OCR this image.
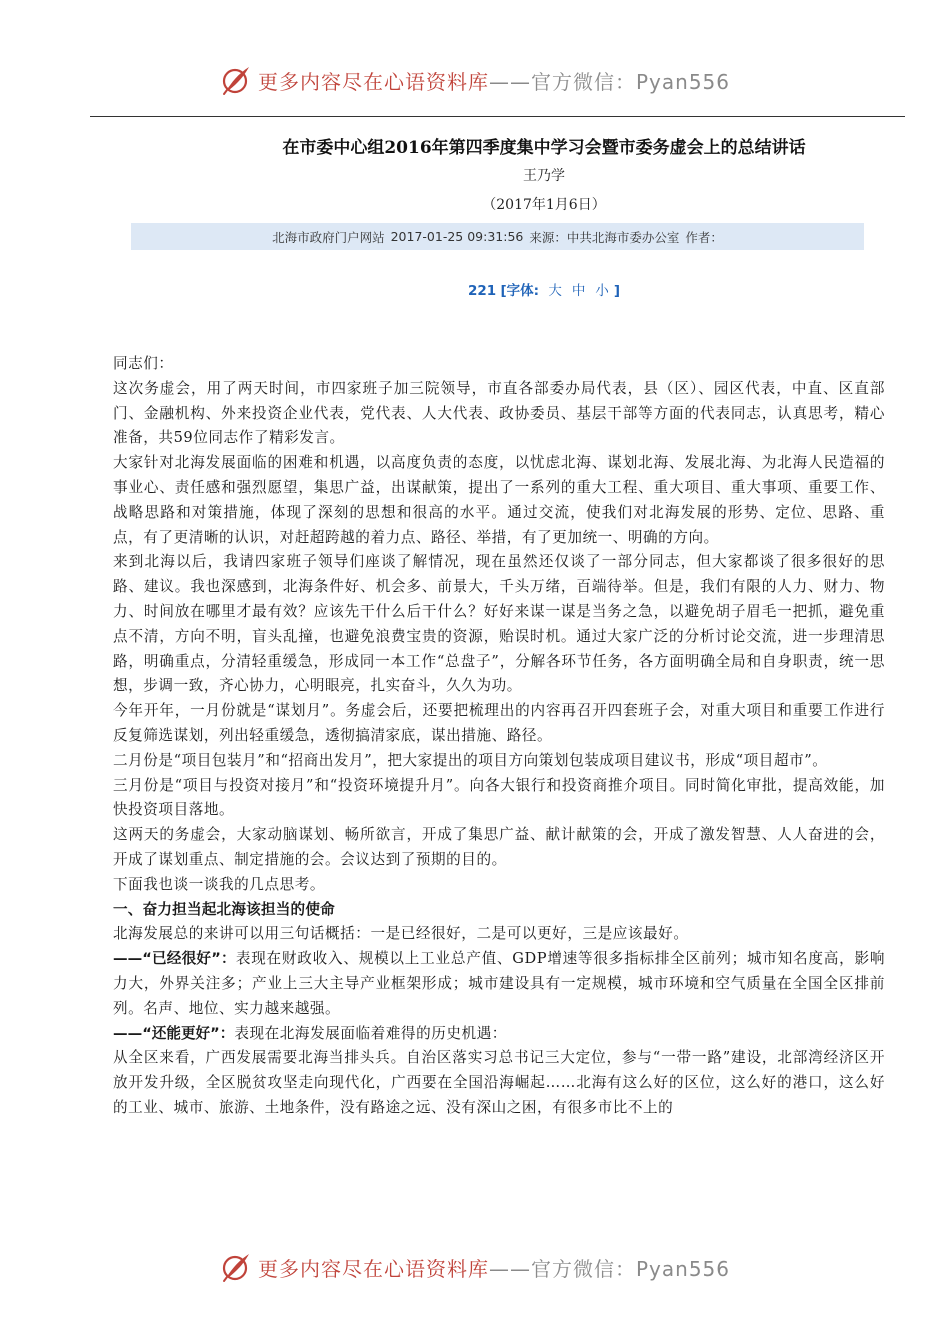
更多内容尽在心语资料库——官方微信：Pyan556
在市委中心组2016年第四季度集中学习会暨市委务虚会上的总结讲话
王乃学
（2017年1月6日）
北海市政府门户网站 2017-01-25 09:31:56 来源：中共北海市委办公室 作者：
221 [字体: 大 中 小 ]

同志们：

这次务虚会，用了两天时间，市四家班子加三院领导，市直各部委办局代表，县（区）、园区代表，中直、区直部门、金融机构、外来投资企业代表，党代表、人大代表、政协委员、基层干部等方面的代表同志，认真思考，精心准备，共59位同志作了精彩发言。

大家针对北海发展面临的困难和机遇，以高度负责的态度，以忧虑北海、谋划北海、发展北海、为北海人民造福的事业心、责任感和强烈愿望，集思广益，出谋献策，提出了一系列的重大工程、重大项目、重大事项、重要工作、战略思路和对策措施，体现了深刻的思想和很高的水平。通过交流，使我们对北海发展的形势、定位、思路、重点，有了更清晰的认识，对赶超跨越的着力点、路径、举措，有了更加统一、明确的方向。

来到北海以后，我请四家班子领导们座谈了解情况，现在虽然还仅谈了一部分同志，但大家都谈了很多很好的思路、建议。我也深感到，北海条件好、机会多、前景大，千头万绪，百端待举。但是，我们有限的人力、财力、物力、时间放在哪里才最有效？应该先干什么后干什么？好好来谋一谋是当务之急，以避免胡子眉毛一把抓，避免重点不清，方向不明，盲头乱撞，也避免浪费宝贵的资源，贻误时机。通过大家广泛的分析讨论交流，进一步理清思路，明确重点，分清轻重缓急，形成同一本工作“总盘子”，分解各环节任务，各方面明确全局和自身职责，统一思想，步调一致，齐心协力，心明眼亮，扎实奋斗，久久为功。

今年开年，一月份就是“谋划月”。务虚会后，还要把梳理出的内容再召开四套班子会，对重大项目和重要工作进行反复筛选谋划，列出轻重缓急，透彻搞清家底，谋出措施、路径。

二月份是“项目包装月”和“招商出发月”，把大家提出的项目方向策划包装成项目建议书，形成“项目超市”。

三月份是“项目与投资对接月”和“投资环境提升月”。向各大银行和投资商推介项目。同时简化审批，提高效能，加快投资项目落地。

这两天的务虚会，大家动脑谋划、畅所欲言，开成了集思广益、献计献策的会，开成了激发智慧、人人奋进的会，开成了谋划重点、制定措施的会。会议达到了预期的目的。

下面我也谈一谈我的几点思考。

一、奋力担当起北海该担当的使命

北海发展总的来讲可以用三句话概括：一是已经很好，二是可以更好，三是应该最好。

——“已经很好”：表现在财政收入、规模以上工业总产值、GDP增速等很多指标排全区前列；城市知名度高，影响力大，外界关注多；产业上三大主导产业框架形成；城市建设具有一定规模，城市环境和空气质量在全国全区排前列。名声、地位、实力越来越强。

——“还能更好”：表现在北海发展面临着难得的历史机遇：

从全区来看，广西发展需要北海当排头兵。自治区落实习总书记三大定位，参与“一带一路”建设，北部湾经济区开放开发升级，全区脱贫攻坚走向现代化，广西要在全国沿海崛起……北海有这么好的区位，这么好的港口，这么好的工业、城市、旅游、土地条件，没有路途之远、没有深山之困，有很多市比不上的

更多内容尽在心语资料库——官方微信：Pyan556
